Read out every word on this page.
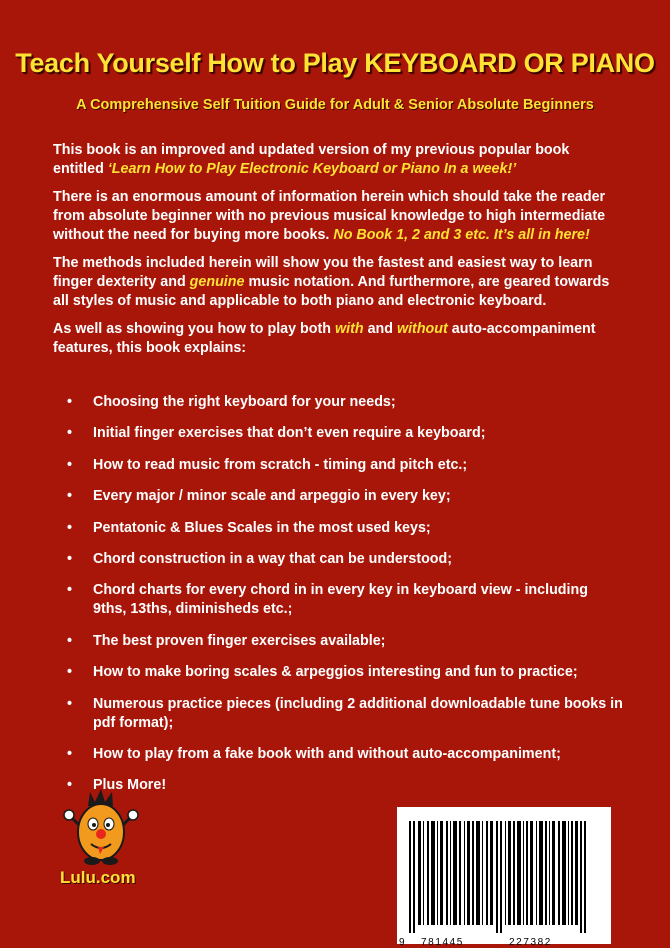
Teach Yourself How to Play KEYBOARD OR PIANO
A Comprehensive Self Tuition Guide for Adult & Senior Absolute Beginners

This book is an improved and updated version of my previous popular book entitled ‘Learn How to Play Electronic Keyboard or Piano In a week!’

There is an enormous amount of information herein which should take the reader from absolute beginner with no previous musical knowledge to high intermediate without the need for buying more books. No Book 1, 2 and 3 etc. It’s all in here!

The methods included herein will show you the fastest and easiest way to learn finger dexterity and genuine music notation. And furthermore, are geared towards all styles of music and applicable to both piano and electronic keyboard.

As well as showing you how to play both with and without auto-accompaniment features, this book explains:

• Choosing the right keyboard for your needs;
• Initial finger exercises that don’t even require a keyboard;
• How to read music from scratch - timing and pitch etc.;
• Every major / minor scale and arpeggio in every key;
• Pentatonic & Blues Scales in the most used keys;
• Chord construction in a way that can be understood;
• Chord charts for every chord in in every key in keyboard view - including 9ths, 13ths, diminisheds etc.;
• The best proven finger exercises available;
• How to make boring scales & arpeggios interesting and fun to practice;
• Numerous practice pieces (including 2 additional downloadable tune books in pdf format);
• How to play from a fake book with and without auto-accompaniment;
• Plus More!
Lulu.com
9 781445	227382
